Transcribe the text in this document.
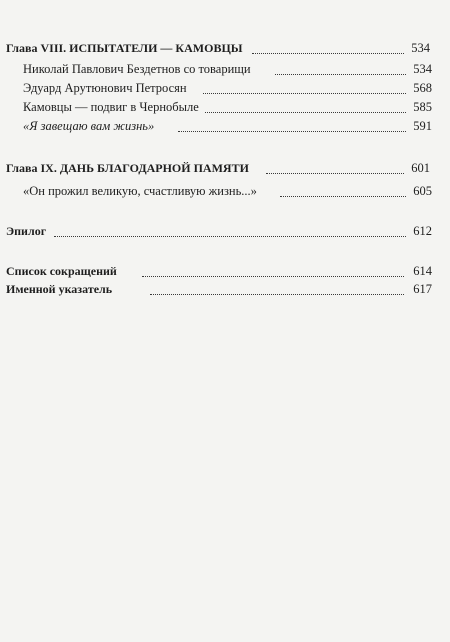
Глава VIII. ИСПЫТАТЕЛИ — КАМОВЦЫ	534
Николай Павлович Бездетнов со товарищи	534
Эдуард Арутюнович Петросян	568
Камовцы — подвиг в Чернобыле	585
«Я завещаю вам жизнь»	591
Глава IX. ДАНЬ БЛАГОДАРНОЙ ПАМЯТИ	601
«Он прожил великую, счастливую жизнь...»	605
Эпилог	612
Список сокращений	614
Именной указатель	617
